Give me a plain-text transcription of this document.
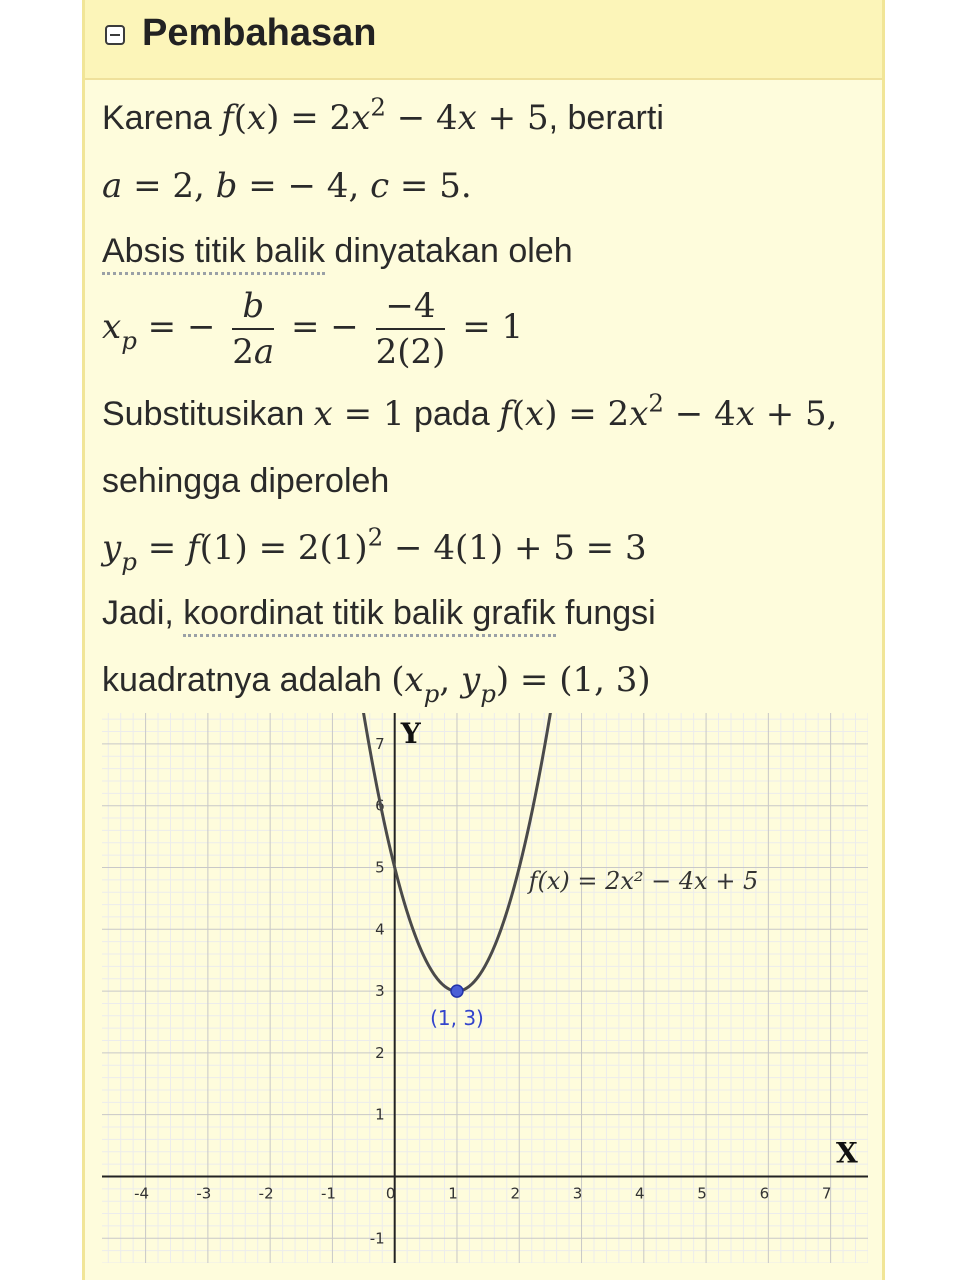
Pembahasan
Karena $f(x) = 2x^2 - 4x + 5$, berarti
a = 2, b = − 4, c = 5.
Absis titik balik dinyatakan oleh
$x_p$ = − $\frac{b}{2a}$ = − $\frac{-4}{2(2)} = 1$
Substitusikan x = 1 pada $f(x) = 2x^2 - 4x + 5$,
sehingga diperoleh
$y_p = f(1) = 2(1)^2 - 4(1) + 5 = 3$
Jadi, koordinat titik balik grafik fungsi
kuadratnya adalah ($x_p$, $y_p) = (1$, 3)
-4	-3	-2	-1	0	1	2	3	4	5	6	7
-1
1
2
3
4
5
6
7 Y
X
f(x) = 2x² − 4x + 5
(1, 3)
